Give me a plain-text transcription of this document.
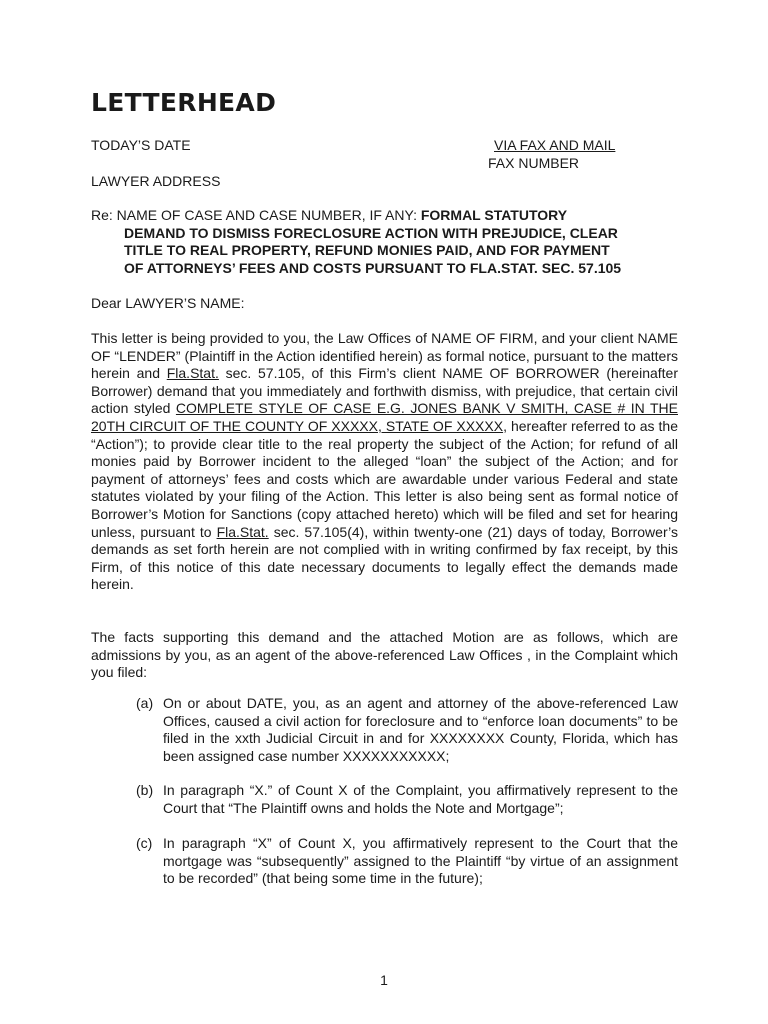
LETTERHEAD
TODAY’S DATE	VIA FAX AND MAIL
FAX NUMBER
LAWYER ADDRESS
Re: NAME OF CASE AND CASE NUMBER, IF ANY: FORMAL STATUTORY
DEMAND TO DISMISS FORECLOSURE ACTION WITH PREJUDICE, CLEAR
TITLE TO REAL PROPERTY, REFUND MONIES PAID, AND FOR PAYMENT
OF ATTORNEYS’ FEES AND COSTS PURSUANT TO FLA.STAT. SEC. 57.105
Dear LAWYER’S NAME:

This letter is being provided to you, the Law Offices of NAME OF FIRM, and your client NAME OF “LENDER” (Plaintiff in the Action identified herein) as formal notice, pursuant to the matters herein and Fla.Stat. sec. 57.105, of this Firm’s client NAME OF BORROWER (hereinafter Borrower) demand that you immediately and forthwith dismiss, with prejudice, that certain civil action styled COMPLETE STYLE OF CASE E.G. JONES BANK V SMITH, CASE # IN THE 20TH CIRCUIT OF THE COUNTY OF XXXXX, STATE OF XXXXX, hereafter referred to as the “Action”); to provide clear title to the real property the subject of the Action; for refund of all monies paid by Borrower incident to the alleged “loan” the subject of the Action; and for payment of attorneys’ fees and costs which are awardable under various Federal and state statutes violated by your filing of the Action. This letter is also being sent as formal notice of Borrower’s Motion for Sanctions (copy attached hereto) which will be filed and set for hearing unless, pursuant to Fla.Stat. sec. 57.105(4), within twenty-one (21) days of today, Borrower’s demands as set forth herein are not complied with in writing confirmed by fax receipt, by this Firm, of this notice of this date necessary documents to legally effect the demands made herein.

The facts supporting this demand and the attached Motion are as follows, which are admissions by you, as an agent of the above-referenced Law Offices , in the Complaint which you filed:

(a) On or about DATE, you, as an agent and attorney of the above-referenced Law Offices, caused a civil action for foreclosure and to “enforce loan documents” to be filed in the xxth Judicial Circuit in and for XXXXXXXX County, Florida, which has been assigned case number XXXXXXXXXXX;
(b) In paragraph “X.” of Count X of the Complaint, you affirmatively represent to the Court that “The Plaintiff owns and holds the Note and Mortgage”;
(c) In paragraph “X” of Count X, you affirmatively represent to the Court that the mortgage was “subsequently” assigned to the Plaintiff “by virtue of an assignment to be recorded” (that being some time in the future);
1
